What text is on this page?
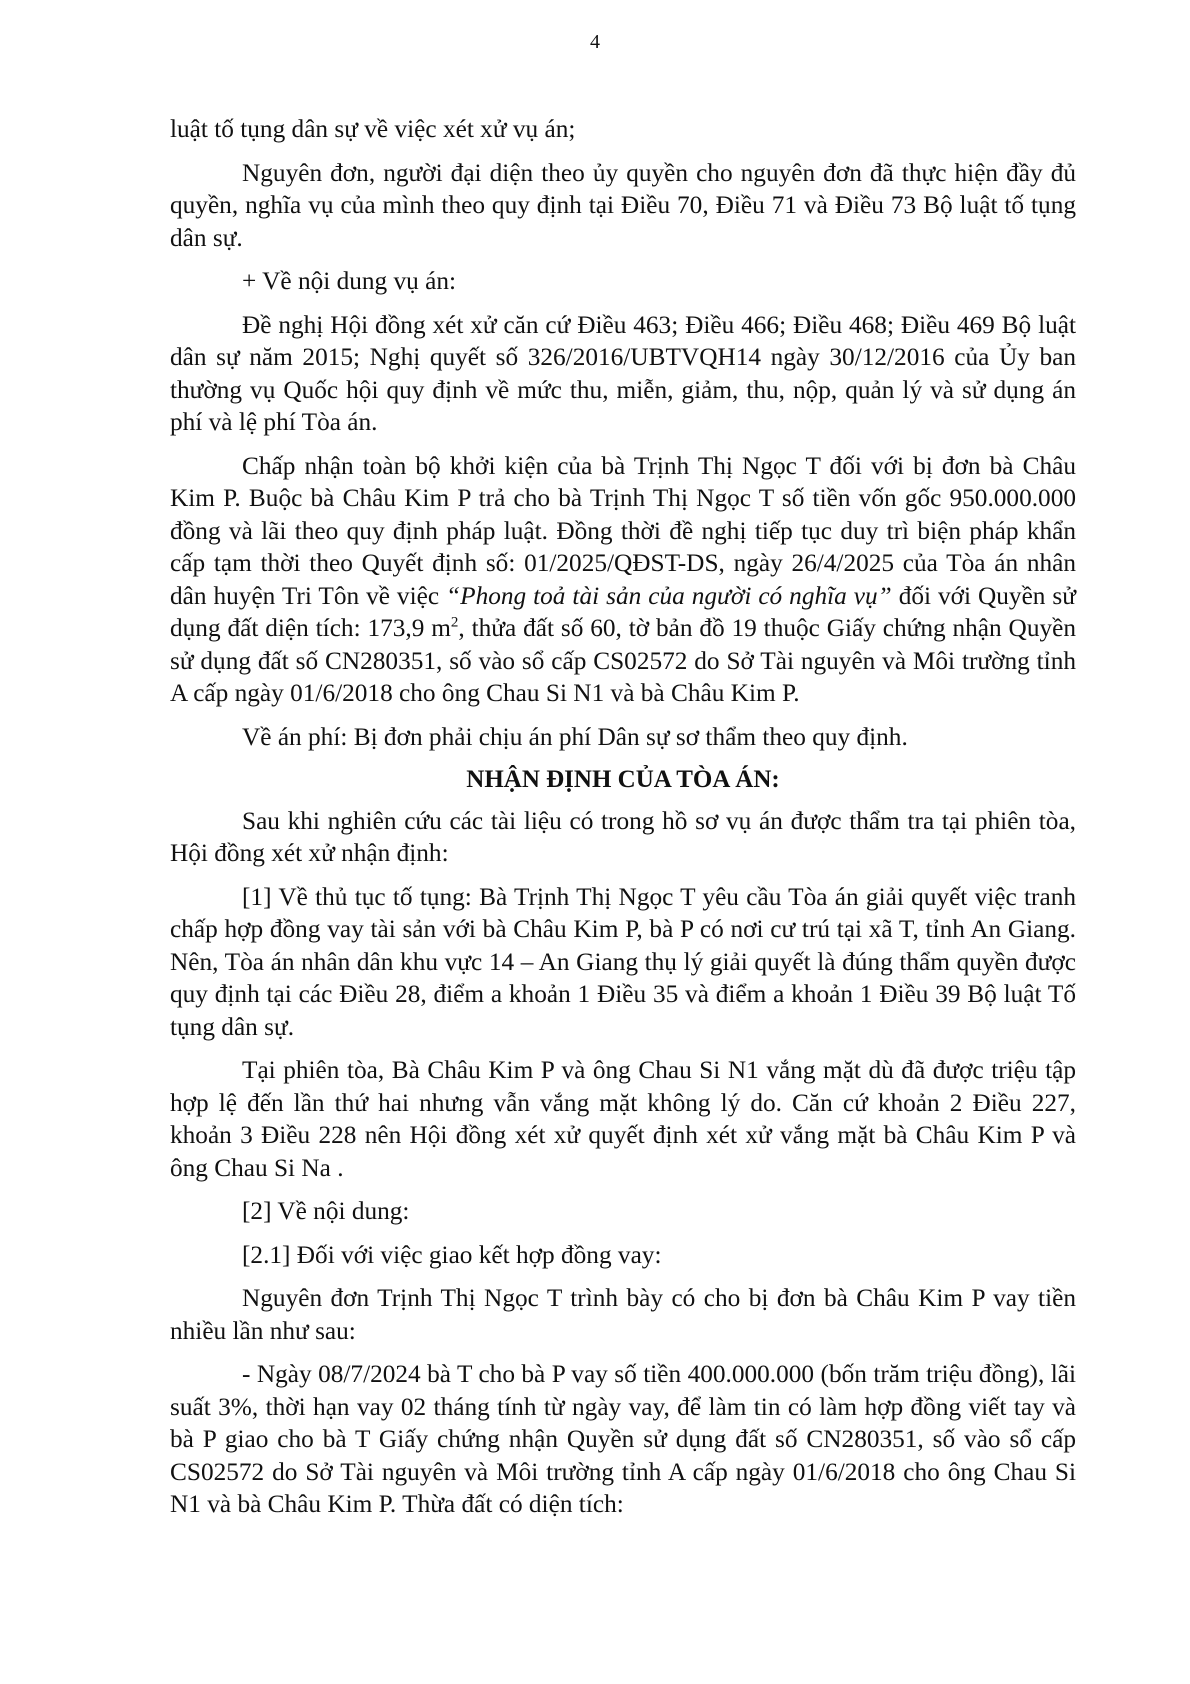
4

luật tố tụng dân sự về việc xét xử vụ án;

Nguyên đơn, người đại diện theo ủy quyền cho nguyên đơn đã thực hiện đầy đủ quyền, nghĩa vụ của mình theo quy định tại Điều 70, Điều 71 và Điều 73 Bộ luật tố tụng dân sự.

+ Về nội dung vụ án:

Đề nghị Hội đồng xét xử căn cứ Điều 463; Điều 466; Điều 468; Điều 469 Bộ luật dân sự năm 2015; Nghị quyết số 326/2016/UBTVQH14 ngày 30/12/2016 của Ủy ban thường vụ Quốc hội quy định về mức thu, miễn, giảm, thu, nộp, quản lý và sử dụng án phí và lệ phí Tòa án.

Chấp nhận toàn bộ khởi kiện của bà Trịnh Thị Ngọc T đối với bị đơn bà Châu Kim P. Buộc bà Châu Kim P trả cho bà Trịnh Thị Ngọc T số tiền vốn gốc 950.000.000 đồng và lãi theo quy định pháp luật. Đồng thời đề nghị tiếp tục duy trì biện pháp khẩn cấp tạm thời theo Quyết định số: 01/2025/QĐST-DS, ngày 26/4/2025 của Tòa án nhân dân huyện Tri Tôn về việc “Phong toả tài sản của người có nghĩa vụ” đối với Quyền sử dụng đất diện tích: 173,9 $m^2$, thửa đất số 60, tờ bản đồ 19 thuộc Giấy chứng nhận Quyền sử dụng đất số CN280351, số vào sổ cấp CS02572 do Sở Tài nguyên và Môi trường tỉnh A cấp ngày 01/6/2018 cho ông Chau Si N1 và bà Châu Kim P.

Về án phí: Bị đơn phải chịu án phí Dân sự sơ thẩm theo quy định.

NHẬN ĐỊNH CỦA TÒA ÁN:

Sau khi nghiên cứu các tài liệu có trong hồ sơ vụ án được thẩm tra tại phiên tòa, Hội đồng xét xử nhận định:

[1] Về thủ tục tố tụng: Bà Trịnh Thị Ngọc T yêu cầu Tòa án giải quyết việc tranh chấp hợp đồng vay tài sản với bà Châu Kim P, bà P có nơi cư trú tại xã T, tỉnh An Giang. Nên, Tòa án nhân dân khu vực 14 – An Giang thụ lý giải quyết là đúng thẩm quyền được quy định tại các Điều 28, điểm a khoản 1 Điều 35 và điểm a khoản 1 Điều 39 Bộ luật Tố tụng dân sự.

Tại phiên tòa, Bà Châu Kim P và ông Chau Si N1 vắng mặt dù đã được triệu tập hợp lệ đến lần thứ hai nhưng vẫn vắng mặt không lý do. Căn cứ khoản 2 Điều 227, khoản 3 Điều 228 nên Hội đồng xét xử quyết định xét xử vắng mặt bà Châu Kim P và ông Chau Si Na .

[2] Về nội dung:

[2.1] Đối với việc giao kết hợp đồng vay:

Nguyên đơn Trịnh Thị Ngọc T trình bày có cho bị đơn bà Châu Kim P vay tiền nhiều lần như sau:

- Ngày 08/7/2024 bà T cho bà P vay số tiền 400.000.000 (bốn trăm triệu đồng), lãi suất 3%, thời hạn vay 02 tháng tính từ ngày vay, để làm tin có làm hợp đồng viết tay và bà P giao cho bà T Giấy chứng nhận Quyền sử dụng đất số CN280351, số vào sổ cấp CS02572 do Sở Tài nguyên và Môi trường tỉnh A cấp ngày 01/6/2018 cho ông Chau Si N1 và bà Châu Kim P. Thừa đất có diện tích:
